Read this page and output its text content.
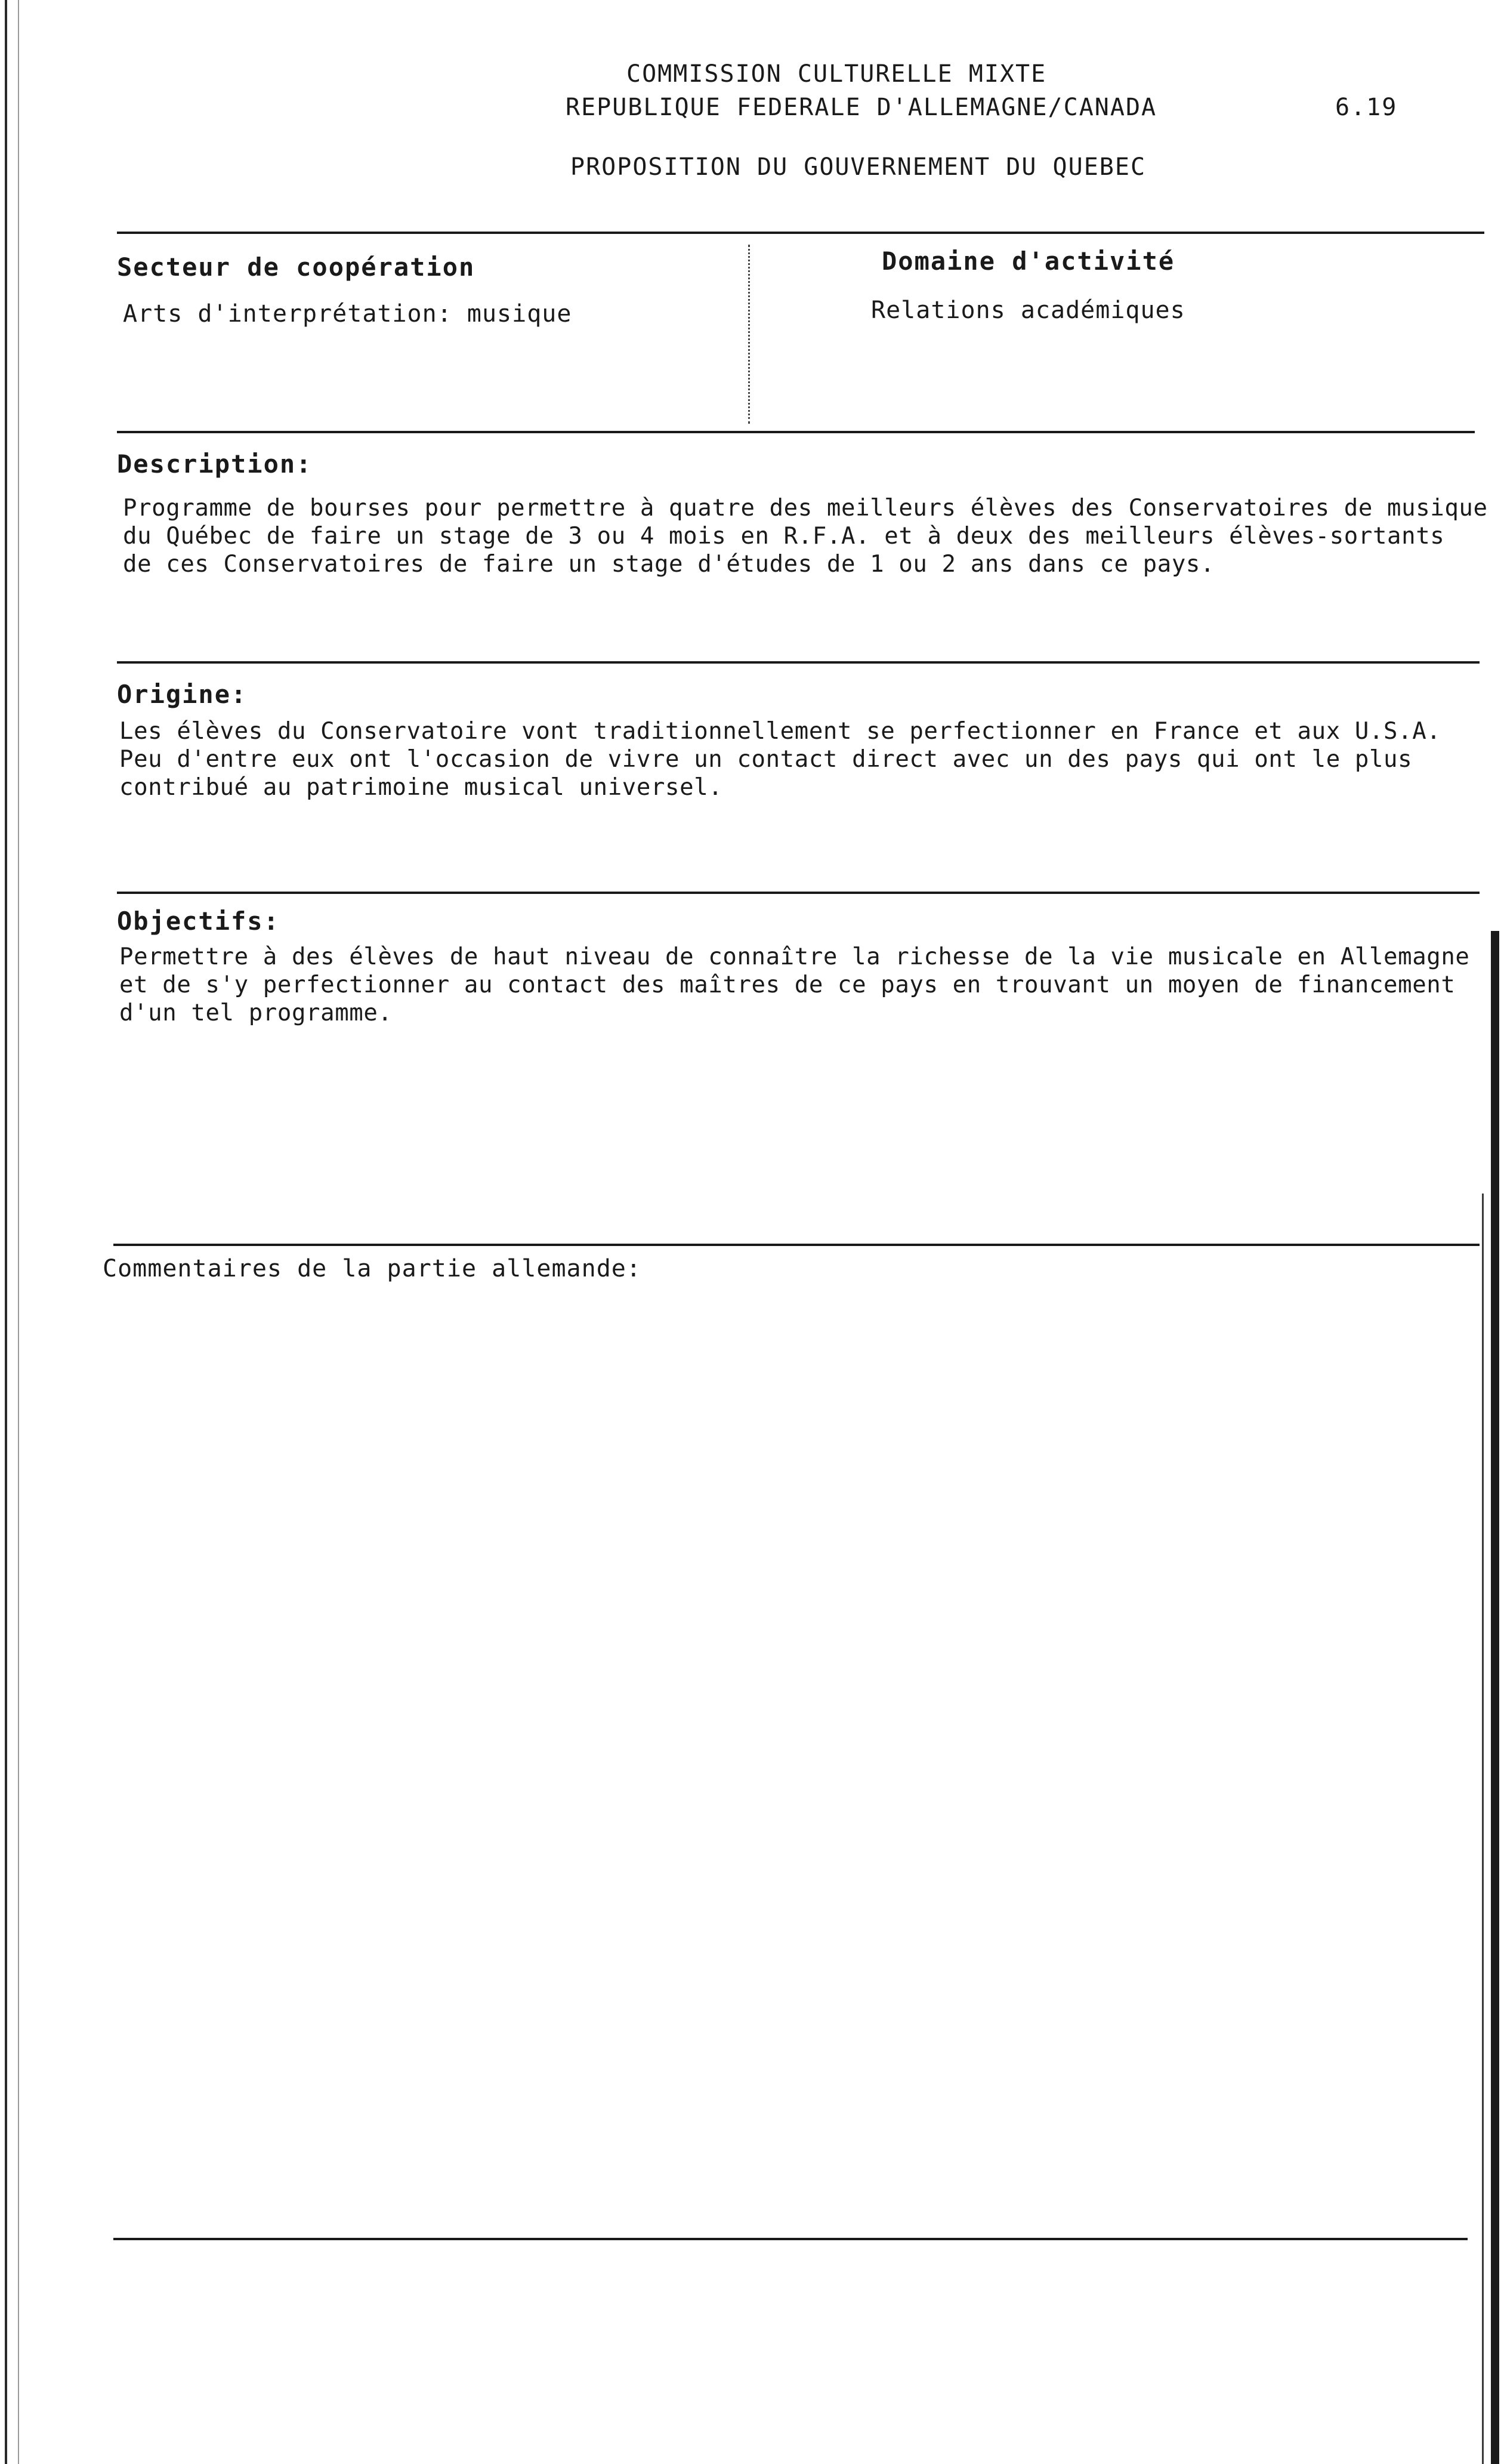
COMMISSION CULTURELLE MIXTE
REPUBLIQUE FEDERALE D'ALLEMAGNE/CANADA	6.19
PROPOSITION DU GOUVERNEMENT DU QUEBEC
Secteur de coopération	Domaine d'activité
Arts d'interprétation: musique	Relations académiques
Description:
Programme de bourses pour permettre à quatre des meilleurs élèves des Conservatoires de musique
du Québec de faire un stage de 3 ou 4 mois en R.F.A. et à deux des meilleurs élèves-sortants
de ces Conservatoires de faire un stage d'études de 1 ou 2 ans dans ce pays.
Origine:
Les élèves du Conservatoire vont traditionnellement se perfectionner en France et aux U.S.A.
Peu d'entre eux ont l'occasion de vivre un contact direct avec un des pays qui ont le plus
contribué au patrimoine musical universel.
Objectifs:
Permettre à des élèves de haut niveau de connaître la richesse de la vie musicale en Allemagne
et de s'y perfectionner au contact des maîtres de ce pays en trouvant un moyen de financement
d'un tel programme.
Commentaires de la partie allemande:
